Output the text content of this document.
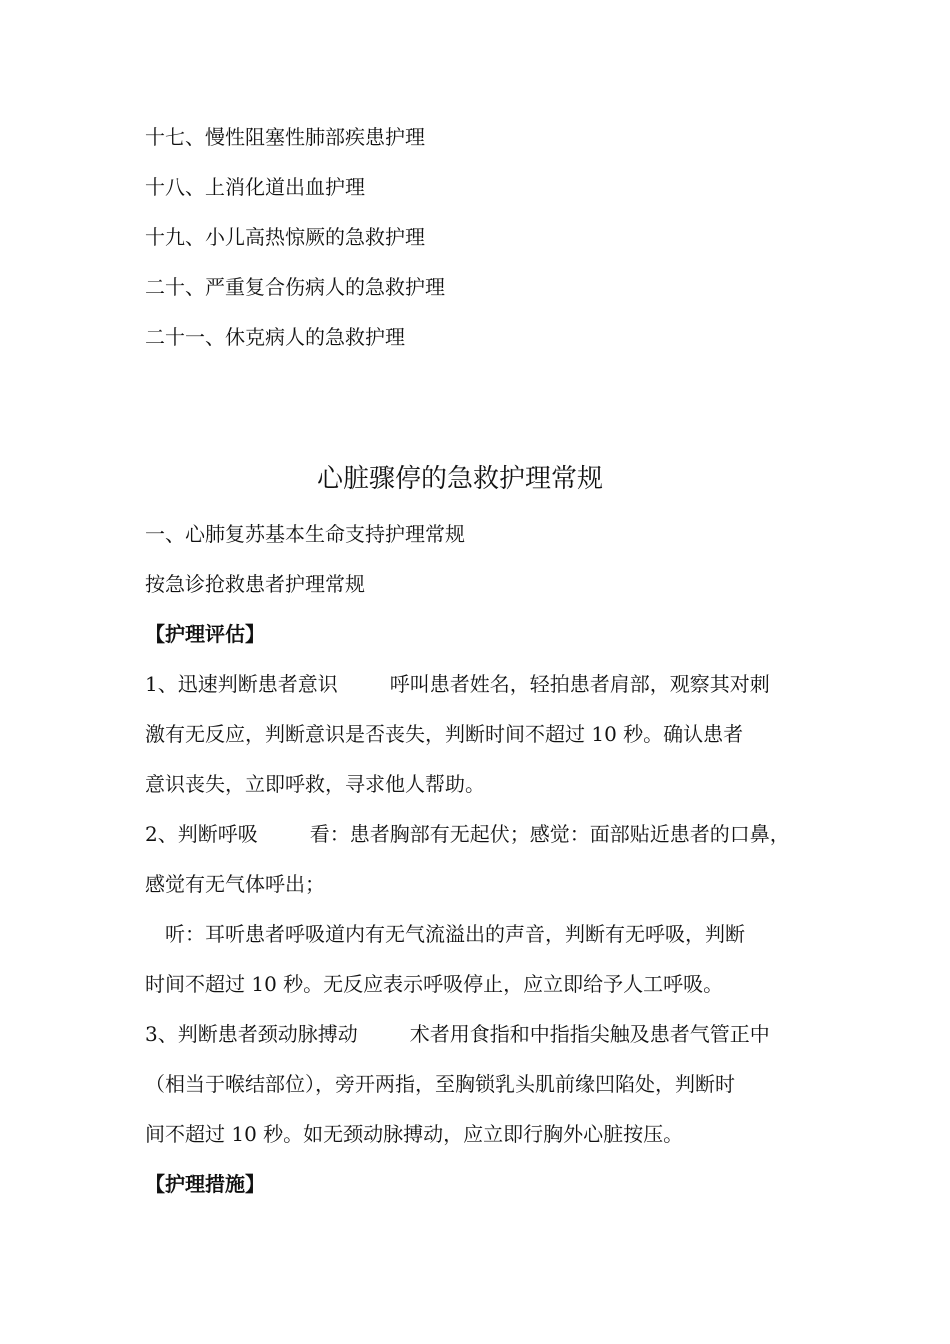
十七、慢性阻塞性肺部疾患护理
十八、上消化道出血护理
十九、小儿高热惊厥的急救护理
二十、严重复合伤病人的急救护理
二十一、休克病人的急救护理
心脏骤停的急救护理常规
一、心肺复苏基本生命支持护理常规
按急诊抢救患者护理常规
【护理评估】
1、迅速判断患者意识	呼叫患者姓名，轻拍患者肩部，观察其对刺
激有无反应，判断意识是否丧失，判断时间不超过 10 秒。确认患者
意识丧失，立即呼救，寻求他人帮助。
2、判断呼吸	看：患者胸部有无起伏；感觉：面部贴近患者的口鼻，
感觉有无气体呼出；
听：耳听患者呼吸道内有无气流溢出的声音，判断有无呼吸，判断
时间不超过 10 秒。无反应表示呼吸停止，应立即给予人工呼吸。
3、判断患者颈动脉搏动	术者用食指和中指指尖触及患者气管正中
（相当于喉结部位），旁开两指，至胸锁乳头肌前缘凹陷处，判断时
间不超过 10 秒。如无颈动脉搏动，应立即行胸外心脏按压。
【护理措施】
